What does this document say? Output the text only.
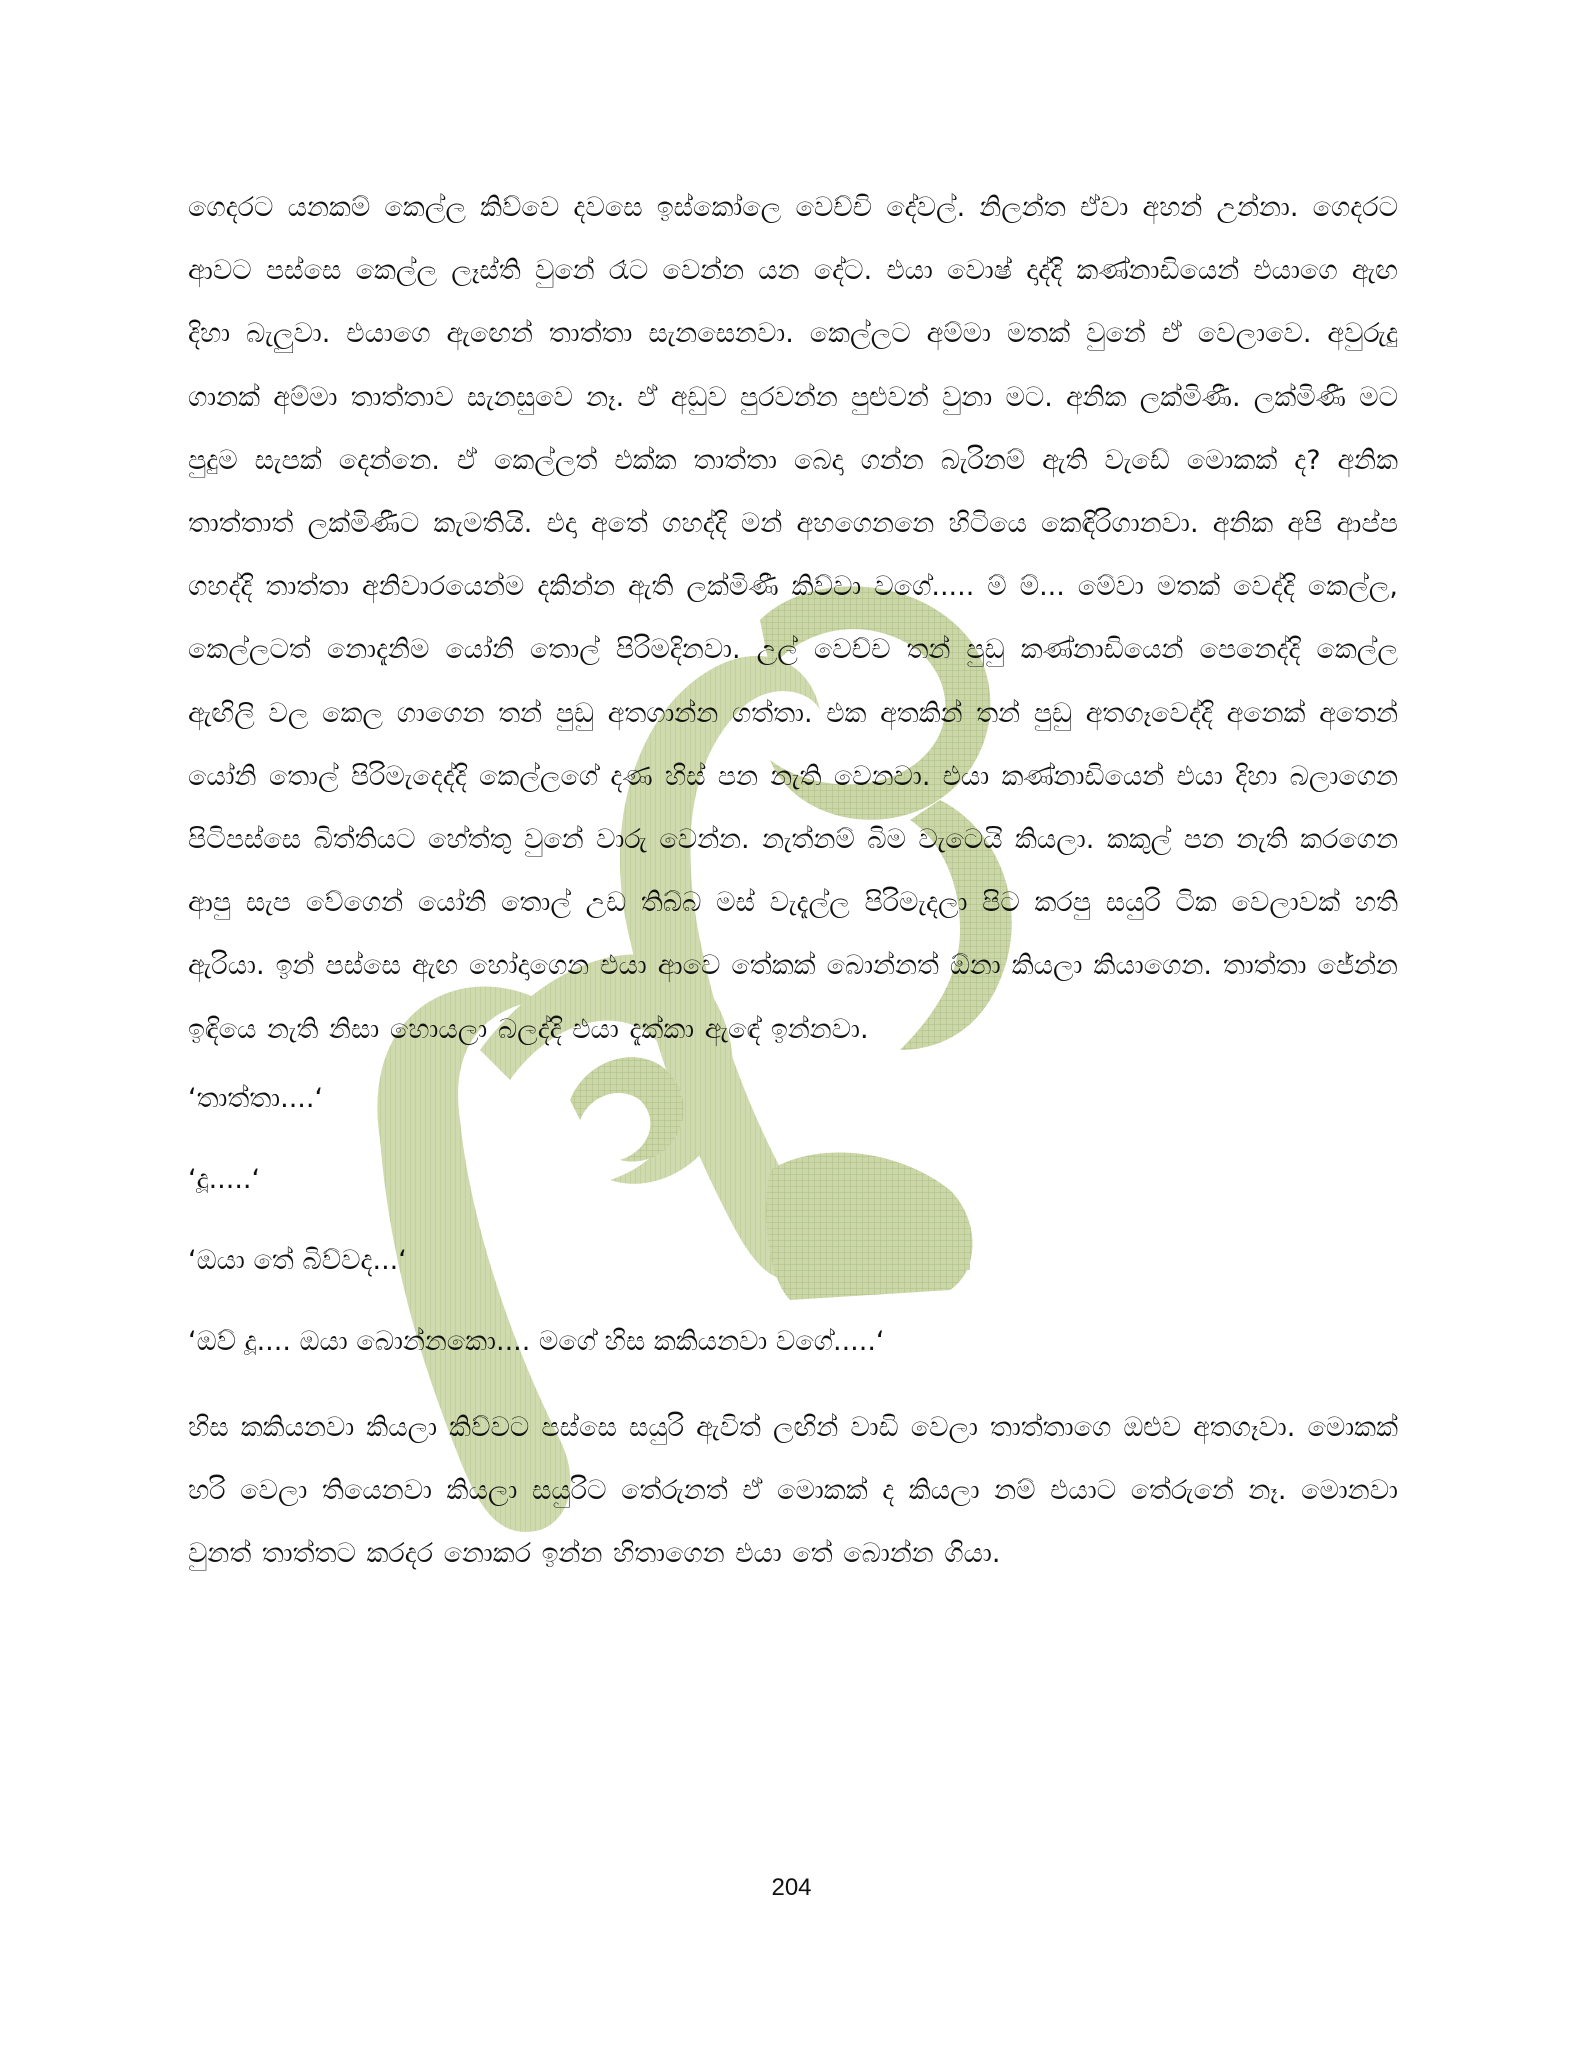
ගෙදරට යනකම් කෙල්ල කිව්වෙ දවසෙ ඉස්කෝලෙ වෙච්චි දේවල්. නිලන්ත ඒවා අහන් උන්නා. ගෙදරට ආවට පස්සෙ කෙල්ල ලෑස්ති වුනේ රෑට වෙන්න යන දේට. එයා වොෂ් දාද්දි කණ්නාඩියෙන් එයාගෙ ඇඟ දිහා බැලුවා. එයාගෙ ඇඟෙන් තාත්තා සැනසෙනවා. කෙල්ලට අම්මා මතක් වුනේ ඒ වෙලාවෙ. අවුරුදු ගානක් අම්මා තාත්තාව සැනසුවෙ නෑ. ඒ අඩුව පුරවන්න පුළුවන් වුනා මට. අනික ලක්මිණී. ලක්මිණී මට පුදුම සැපක් දෙන්නෙ. ඒ කෙල්ලත් එක්ක තාත්තා බෙදා ගන්න බැරිනම් ඇති වැඩේ මොකක් ද? අනික තාත්තාත් ලක්මිණීට කැමතියි. එදා අතේ ගහද්දි මන් අහගෙනනෙ හිටියෙ කෙඳිරිගානවා. අනික අපි ආප්ප ගහද්දි තාත්තා අනිවාරයෙන්ම දකින්න ඇති ලක්මිණී කිව්වා වගේ..... ම් ම්... මේවා මතක් වෙද්දි කෙල්ල, කෙල්ලටත් නොදැනිම යෝනි තොල් පිරිමදිනවා. උල් වෙච්ච තන් පුඩු කණ්නාඩියෙන් පෙනෙද්දි කෙල්ල ඇඟිලි වල කෙල ගාගෙන තන් පුඩු අතගාන්න ගත්තා. එක අතකින් තන් පුඩු අතගෑවෙද්දි අනෙක් අතෙන් යෝනි තොල් පිරිමැදෙද්දි කෙල්ලගේ දණ හිස් පන නැති වෙනවා. එයා කණ්නාඩියෙන් එයා දිහා බලාගෙන පිටිපස්සෙ බිත්තියට හේත්තු වුනේ වාරු වෙන්න. නැත්නම් බිම වැටෙයි කියලා. කකුල් පන නැති කරගෙන ආපු සැප වේගෙන් යෝනි තොල් උඩ තිබ්බ මස් වැදැල්ල පිරිමැදලා පිට කරපු සයුරි ටික වෙලාවක් හති ඇරියා. ඉන් පස්සෙ ඇඟ හෝදාගෙන එයා ආවෙ තේකක් බොන්නත් ඕනා කියලා කියාගෙන. තාත්තා ජේන්න ඉඳියෙ නැති නිසා හොයලා බලද්දි එයා දැක්කා ඇඳේ ඉන්නවා.

‘තාත්තා....‘

‘දූ.....‘

‘ඔයා තේ බිව්වද...‘

‘ඔව් දූ.... ඔයා බොන්නකො.... මගේ හිස කකියනවා වගේ.....‘

හිස කකියනවා කියලා කිව්වට පස්සෙ සයුරි ඇවිත් ලඟින් වාඩි වෙලා තාත්තාගෙ ඔළුව අතගෑවා. මොකක් හරි වෙලා තියෙනවා කියලා සයුරිට තේරුනත් ඒ මොකක් ද කියලා නම් එයාට තේරුනේ නෑ. මොනවා වුනත් තාත්තට කරදර නොකර ඉන්න හිතාගෙන එයා තේ බොන්න ගියා.

204
